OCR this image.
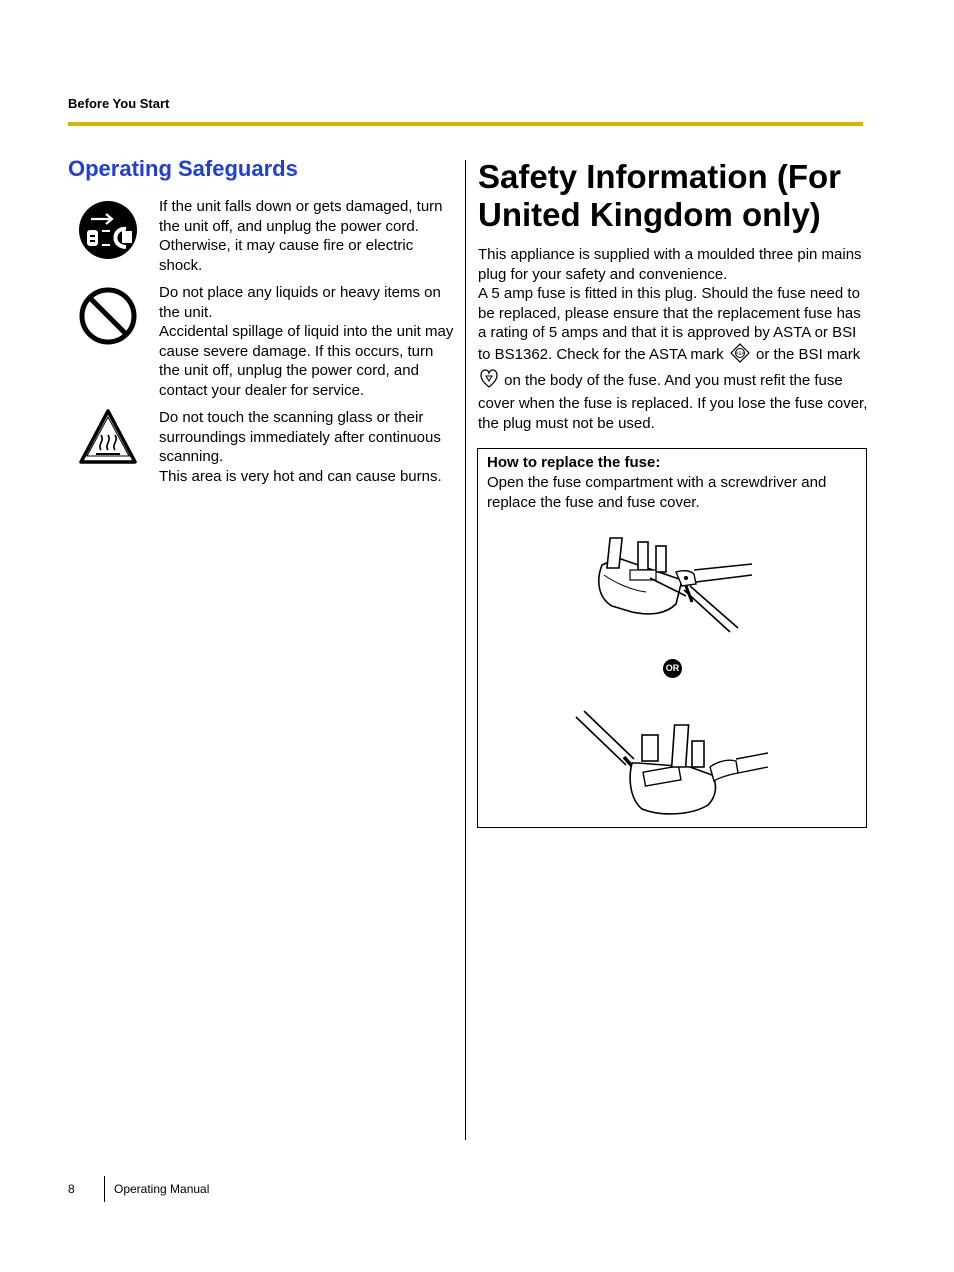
Before You Start
Operating Safeguards

If the unit falls down or gets damaged, turn the unit off, and unplug the power cord. Otherwise, it may cause fire or electric shock.

Do not place any liquids or heavy items on the unit.

Accidental spillage of liquid into the unit may cause severe damage. If this occurs, turn the unit off, unplug the power cord, and contact your dealer for service.

Do not touch the scanning glass or their surroundings immediately after continuous scanning.

This area is very hot and can cause burns.

Safety Information (For United Kingdom only)

This appliance is supplied with a moulded three pin mains plug for your safety and convenience.

A 5 amp fuse is fitted in this plug. Should the fuse need to be replaced, please ensure that the replacement fuse has a rating of 5 amps and that it is approved by ASTA or BSI to BS1362. Check for the ASTA mark	ASA or the BSI mark  on the body of the fuse. And you must refit the fuse cover when the fuse is replaced. If you lose the fuse cover, the plug must not be used.

How to replace the fuse:
Open the fuse compartment with a screwdriver and replace the fuse and fuse cover.
OR
8	Operating Manual
